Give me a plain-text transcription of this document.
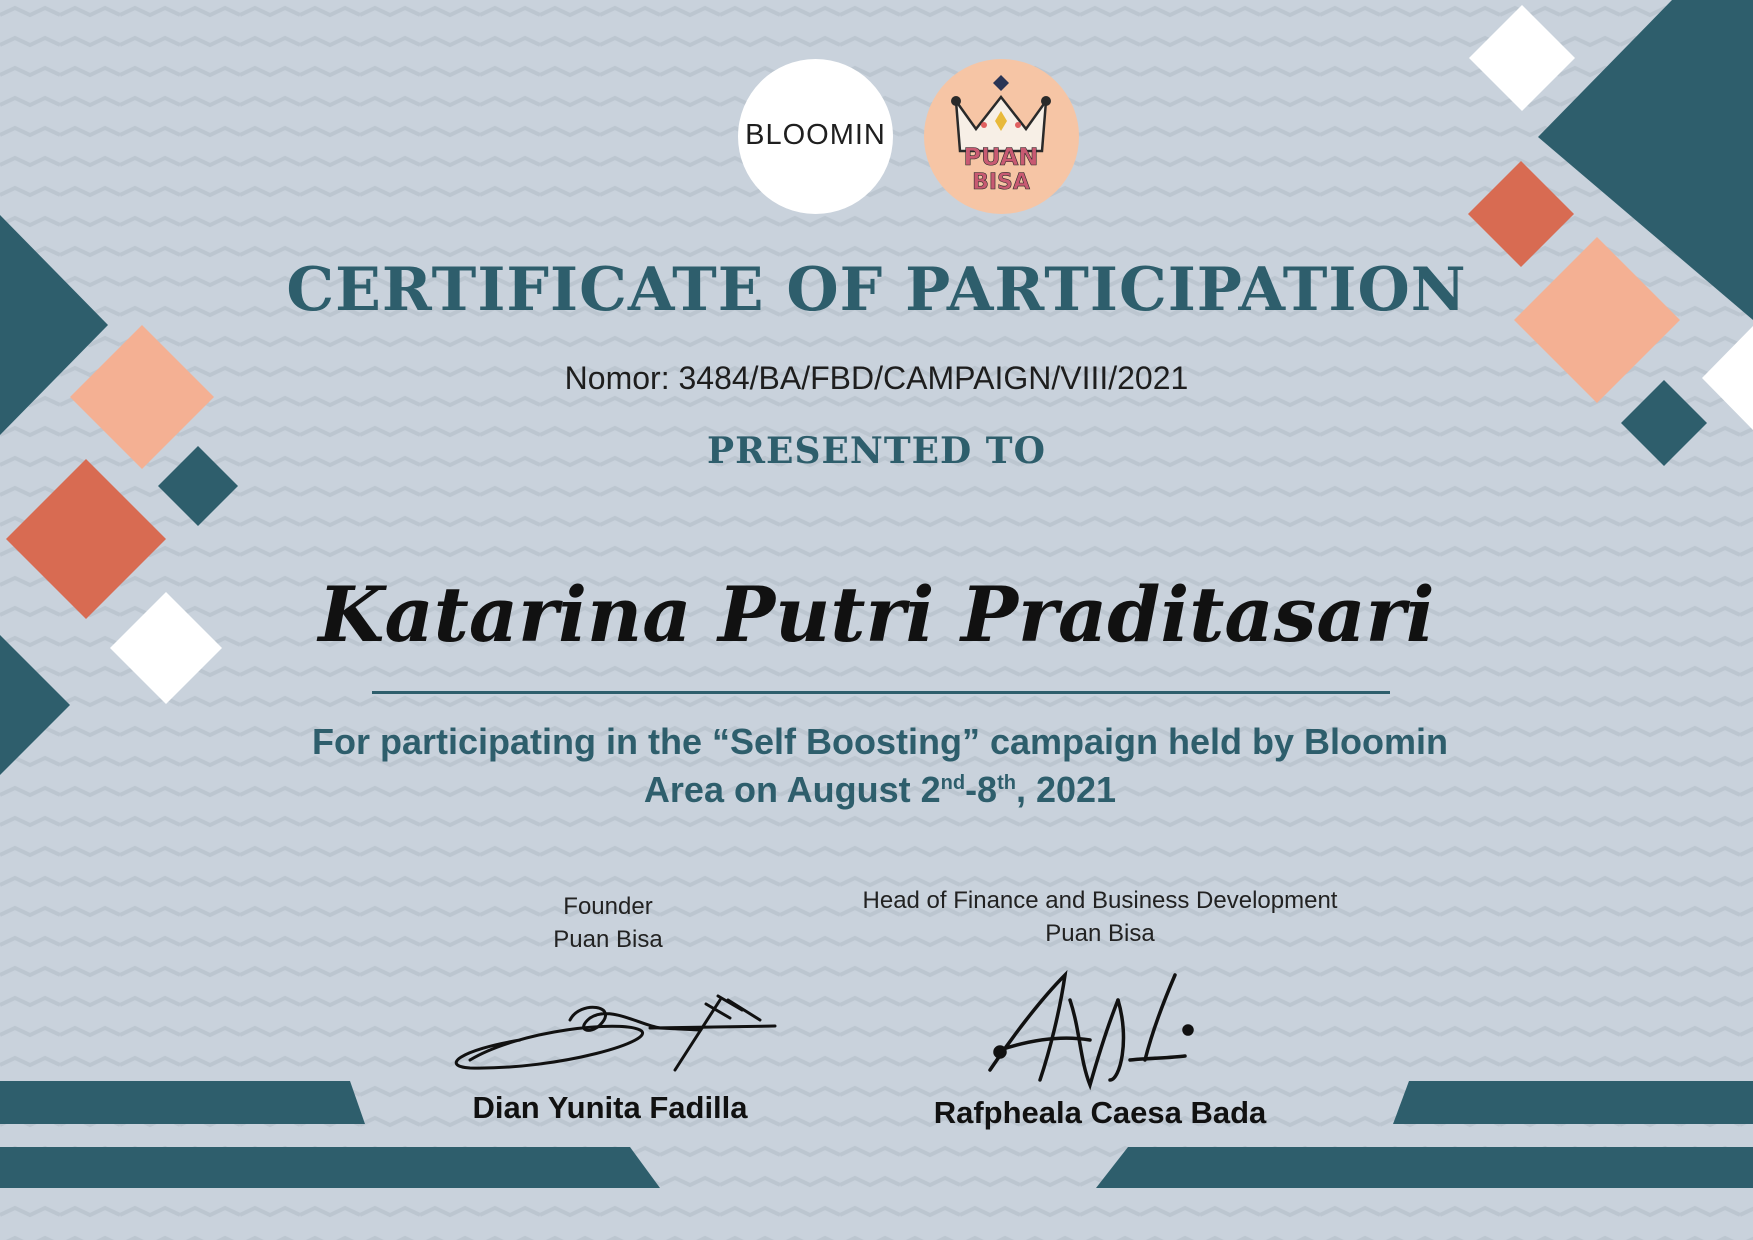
BLOOMIN
PUAN
BISA
CERTIFICATE OF PARTICIPATION
Nomor: 3484/BA/FBD/CAMPAIGN/VIII/2021
PRESENTED TO
Katarina Putri Praditasari
For participating in the “Self Boosting” campaign held by Bloomin
Area on August 2nd-8th, 2021
Founder
Puan Bisa
Head of Finance and Business Development
Puan Bisa
Dian Yunita Fadilla	Rafpheala Caesa Bada
